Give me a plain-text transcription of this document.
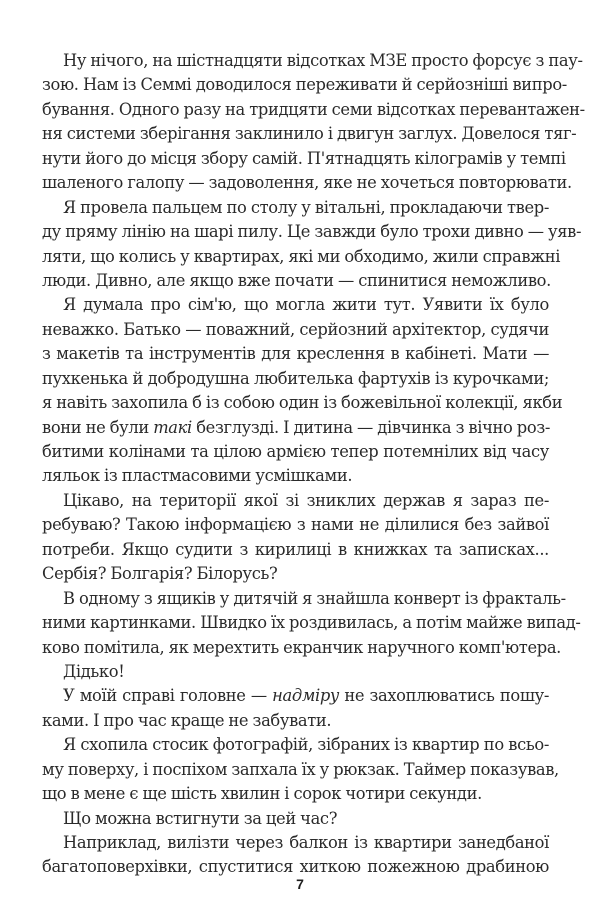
Ну нічого, на шістнадцяти відсотках МЗЕ просто форсує з пау-
зою. Нам із Семмі доводилося переживати й серйозніші випро-
бування. Одного разу на тридцяти семи відсотках перевантажен-
ня системи зберігання заклинило і двигун заглух. Довелося тяг-
нути його до місця збору самій. П'ятнадцять кілограмів у темпі
шаленого галопу — задоволення, яке не хочеться повторювати.
Я провела пальцем по столу у вітальні, прокладаючи твер-
ду пряму лінію на шарі пилу. Це завжди було трохи дивно — уяв-
ляти, що колись у квартирах, які ми обходимо, жили справжні
люди. Дивно, але якщо вже почати — спинитися неможливо.
Я думала про сім'ю, що могла жити тут. Уявити їх було
неважко. Батько — поважний, серйозний архітектор, судячи
з макетів та інструментів для креслення в кабінеті. Мати —
пухкенька й добродушна любителька фартухів із курочками;
я навіть захопила б із собою один із божевільної колекції, якби
вони не були такі безглузді. І дитина — дівчинка з вічно роз-
битими колінами та цілою армією тепер потемнілих від часу
ляльок із пластмасовими усмішками.
Цікаво, на території якої зі зниклих держав я зараз пе-
ребуваю? Такою інформацією з нами не ділилися без зайвої
потреби. Якщо судити з кирилиці в книжках та записках...
Сербія? Болгарія? Білорусь?
В одному з ящиків у дитячій я знайшла конверт із фракталь-
ними картинками. Швидко їх роздивилась, а потім майже випад-
ково помітила, як мерехтить екранчик наручного комп'ютера.
Дідько!
У моїй справі головне — надміру не захоплюватись пошу-
ками. І про час краще не забувати.
Я схопила стосик фотографій, зібраних із квартир по всьо-
му поверху, і поспіхом запхала їх у рюкзак. Таймер показував,
що в мене є ще шість хвилин і сорок чотири секунди.
Що можна встигнути за цей час?
Наприклад, вилізти через балкон із квартири занедбаної
багатоповерхівки, спуститися хиткою пожежною драбиною
7
